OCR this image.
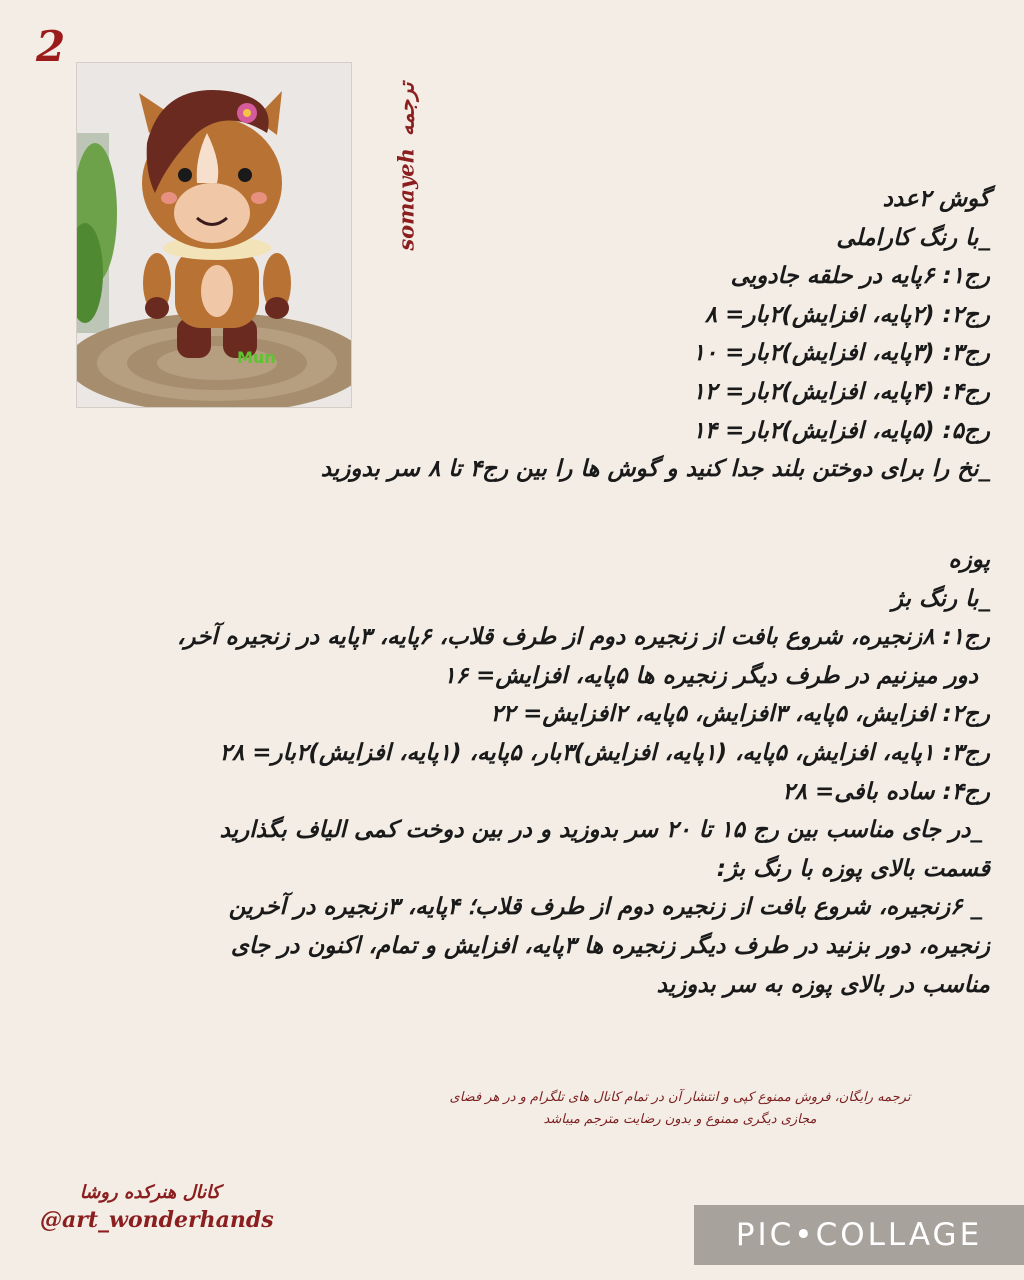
2
Mun
somayeh
ترجمه
گوش ۲عدد
_با رنگ کاراملی
رج۱: ۶پایه در حلقه جادویی
رج۲: (۲پایه، افزایش)۲بار= ۸
رج۳: (۳پایه، افزایش)۲بار= ۱۰
رج۴: (۴پایه، افزایش)۲بار= ۱۲
رج۵: (۵پایه، افزایش)۲بار= ۱۴
_نخ را برای دوختن بلند جدا کنید و گوش ها را بین رج۴ تا ۸ سر بدوزید
پوزه
_با رنگ بژ
رج۱: ۸زنجیره، شروع بافت از زنجیره دوم از طرف قلاب، ۶پایه، ۳پایه در زنجیره آخر،
دور میزنیم در طرف دیگر زنجیره ها ۵پایه، افزایش= ۱۶
رج۲: افزایش، ۵پایه، ۳افزایش، ۵پایه، ۲افزایش= ۲۲
رج۳: ۱پایه، افزایش، ۵پایه، (۱پایه، افزایش)۳بار، ۵پایه، (۱پایه، افزایش)۲بار= ۲۸
رج۴: ساده بافی= ۲۸
_در جای مناسب بین رج ۱۵ تا ۲۰ سر بدوزید و در بین دوخت کمی الیاف بگذارید
قسمت بالای پوزه با رنگ بژ:
_ ۶زنجیره، شروع بافت از زنجیره دوم از طرف قلاب؛ ۴پایه، ۳زنجیره در آخرین
زنجیره، دور بزنید در طرف دیگر زنجیره ها ۳پایه، افزایش و تمام، اکنون در جای
مناسب در بالای پوزه به سر بدوزید
ترجمه رایگان، فروش ممنوع کپی و انتشار آن در تمام کانال های تلگرام و در هر فضای
مجازی دیگری ممنوع و بدون رضایت مترجم میباشد
کانال هنرکده روشا
@art_wonderhands	PIC•COLLAGE
